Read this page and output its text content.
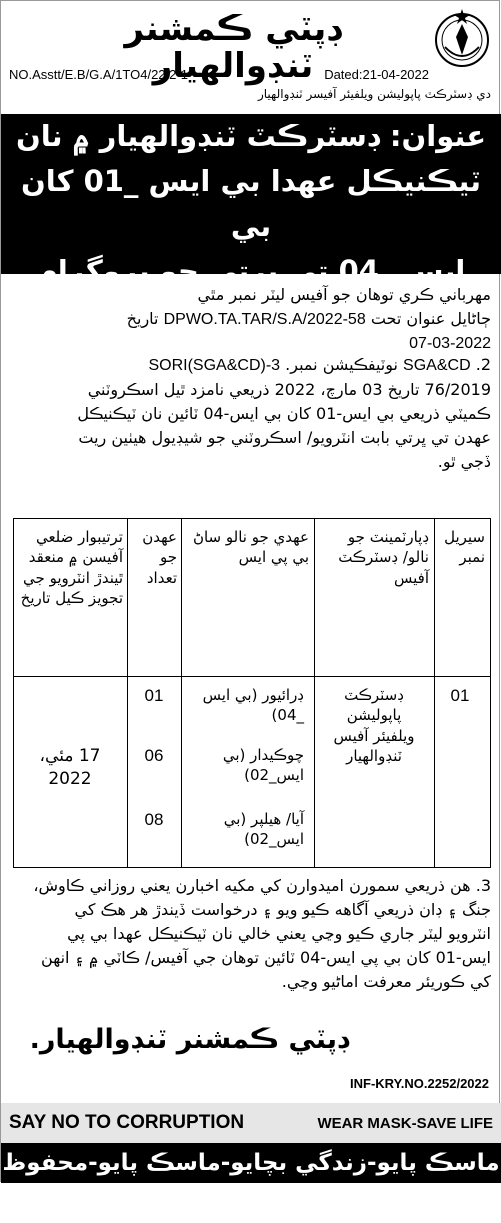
ڊپٽي ڪمشنر ٽنڊوالهيار
NO.Asstt/E.B/G.A/1TO4/22/2-1	Dated:21-04-2022
دي ڊسٽرڪٽ پاپوليشن ويلفيئر آفيسر ٽنڊوالهيار
عنوان: ڊسٽرڪٽ ٽنڊوالهيار ۾ نان
ٽيڪنيڪل عهدا بي ايس _01 کان بي
ايس _04 تي ڀرتي جو پروگرام
مهرباني ڪري توهان جو آفيس ليٽر نمبر مٿي
ڄاڻايل عنوان تحت DPWO.TA.TAR/S.A/2022-58 تاريخ
07-03-2022
2. SGA&CD نوٽيفڪيشن نمبر. SORI(SGA&CD)-3
76/2019 تاريخ 03 مارچ، 2022 ذريعي نامزد ٿيل اسڪروٽني
ڪميٽي ذريعي بي ايس-01 کان بي ايس-04 ٽائين نان ٽيڪنيڪل
عهدن تي ڀرتي بابت انٽرويو/ اسڪروٽني جو شيڊيول هيٺين ريت
ڏجي ٿو.
سيريل نمبر
ڊپارٽمينٽ جو نالو/ ڊسٽرڪٽ آفيس
عهدي جو نالو ساڻ بي پي ايس
عهدن جو تعداد
ترتيبوار ضلعي آفيسن ۾ منعقد ٿيندڙ انٽرويو جي تجويز ڪيل تاريخ
01
ڊسٽرڪٽ پاپوليشن ويلفيئر آفيس ٽنڊوالهيار
ڊرائيور (بي ايس _04)
01
چوڪيدار (بي ايس_02)
06
آيا/ هيلپر (بي ايس_02)
08
17 مئي، 2022
3. هن ذريعي سمورن اميدوارن کي مکيه اخبارن يعني روزاني ڪاوش،
جنگ ۽ ڊان ذريعي آگاهه ڪيو ويو ۽ درخواست ڏيندڙ هر هڪ کي
انٽرويو ليٽر جاري ڪيو وڃي يعني خالي نان ٽيڪنيڪل عهدا بي پي
ايس-01 کان بي پي ايس-04 ٽائين توهان جي آفيس/ ڪاٽي ۾ ۽ انهن
کي ڪوريئر معرفت اماڻيو وڃي.
ڊپٽي ڪمشنر ٽنڊوالهيار.
INF-KRY.NO.2252/2022
SAY NO TO CORRUPTION	WEAR MASK-SAVE LIFE
ماسڪ پايو-زندگي بچايو-ماسڪ پايو-محفوظ رهو
